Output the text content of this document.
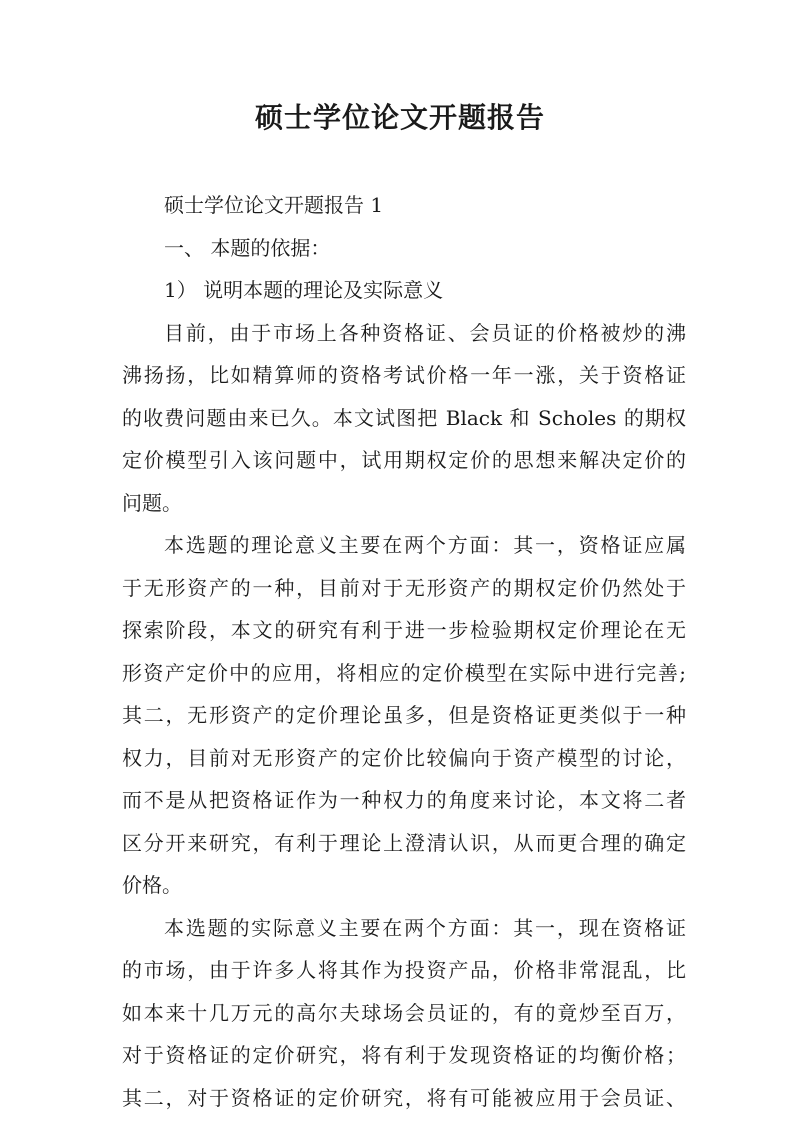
硕士学位论文开题报告
硕士学位论文开题报告 1
一、 本题的依据：
1） 说明本题的理论及实际意义
目前，由于市场上各种资格证、会员证的价格被炒的沸
沸扬扬，比如精算师的资格考试价格一年一涨，关于资格证
的收费问题由来已久。本文试图把 Black 和 Scholes 的期权
定价模型引入该问题中，试用期权定价的思想来解决定价的
问题。
本选题的理论意义主要在两个方面：其一，资格证应属
于无形资产的一种，目前对于无形资产的期权定价仍然处于
探索阶段，本文的研究有利于进一步检验期权定价理论在无
形资产定价中的应用，将相应的定价模型在实际中进行完善;
其二，无形资产的定价理论虽多，但是资格证更类似于一种
权力，目前对无形资产的定价比较偏向于资产模型的讨论，
而不是从把资格证作为一种权力的角度来讨论，本文将二者
区分开来研究，有利于理论上澄清认识，从而更合理的确定
价格。
本选题的实际意义主要在两个方面：其一，现在资格证
的市场，由于许多人将其作为投资产品，价格非常混乱，比
如本来十几万元的高尔夫球场会员证的，有的竟炒至百万，
对于资格证的定价研究，将有利于发现资格证的均衡价格；
其二，对于资格证的定价研究，将有可能被应用于会员证、
